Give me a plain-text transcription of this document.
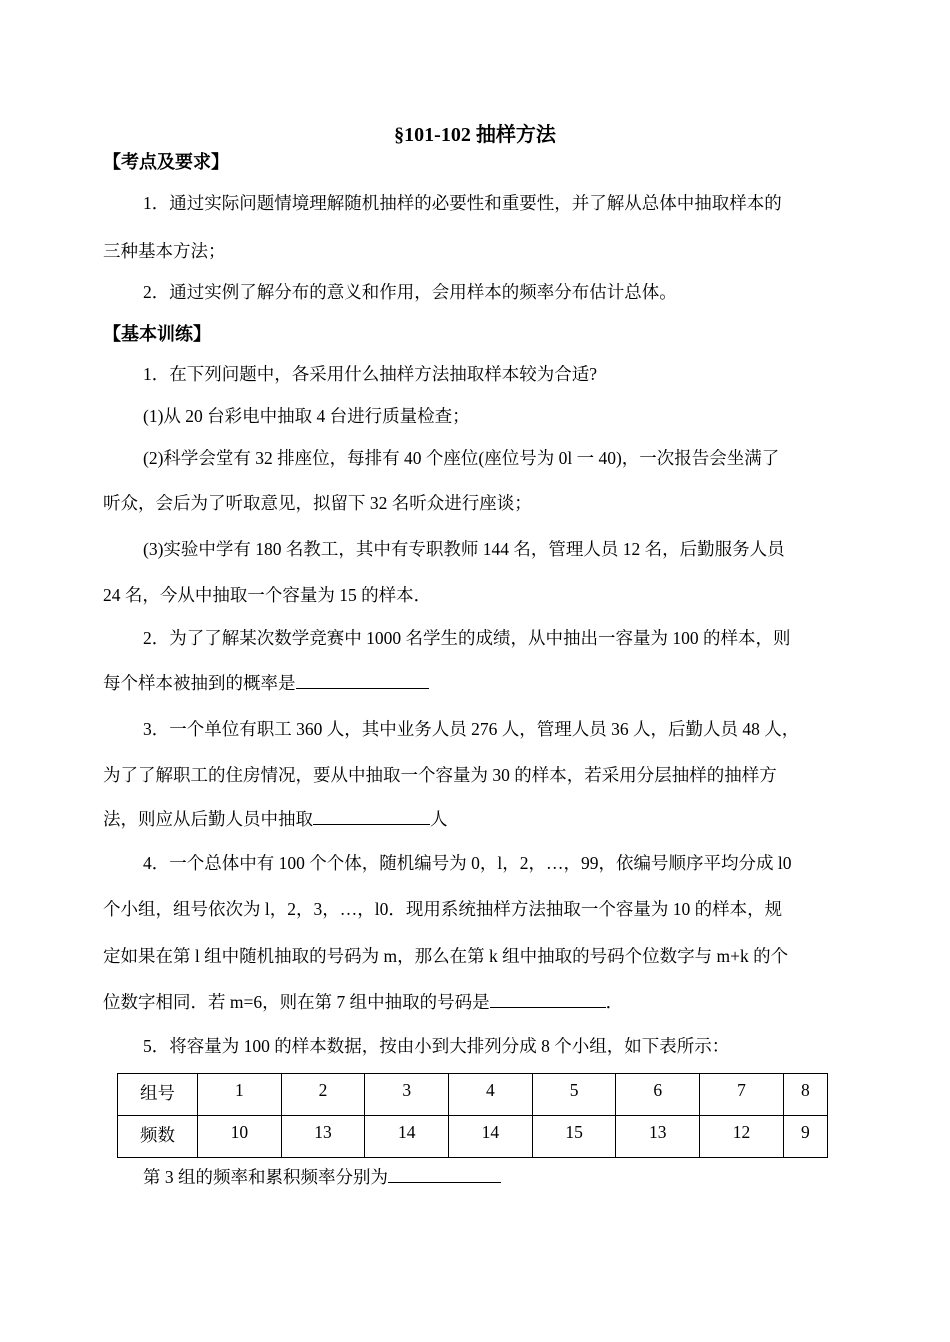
§101-102 抽样方法
【考点及要求】
1．通过实际问题情境理解随机抽样的必要性和重要性，并了解从总体中抽取样本的
三种基本方法；
2．通过实例了解分布的意义和作用，会用样本的频率分布估计总体。
【基本训练】
1．在下列问题中，各采用什么抽样方法抽取样本较为合适?
(1)从 20 台彩电中抽取 4 台进行质量检查；
(2)科学会堂有 32 排座位，每排有 40 个座位(座位号为 0l 一 40)，一次报告会坐满了
听众，会后为了听取意见，拟留下 32 名听众进行座谈；
(3)实验中学有 180 名教工，其中有专职教师 144 名，管理人员 12 名，后勤服务人员
24 名，今从中抽取一个容量为 15 的样本．
2．为了了解某次数学竞赛中 1000 名学生的成绩，从中抽出一容量为 100 的样本，则
每个样本被抽到的概率是
3．一个单位有职工 360 人，其中业务人员 276 人，管理人员 36 人，后勤人员 48 人，
为了了解职工的住房情况，要从中抽取一个容量为 30 的样本，若采用分层抽样的抽样方
法，则应从后勤人员中抽取	人
4．一个总体中有 100 个个体，随机编号为 0，l，2，…，99，依编号顺序平均分成 l0
个小组，组号依次为 l，2，3，…，l0．现用系统抽样方法抽取一个容量为 10 的样本，规
定如果在第 l 组中随机抽取的号码为 m，那么在第 k 组中抽取的号码个位数字与 m+k 的个
位数字相同．若 m=6，则在第 7 组中抽取的号码是	．
5．将容量为 100 的样本数据，按由小到大排列分成 8 个小组，如下表所示：
组号	1	2	3	4	5	6	7	8
频数	10	13	14	14	15	13	12	9
第 3 组的频率和累积频率分别为
